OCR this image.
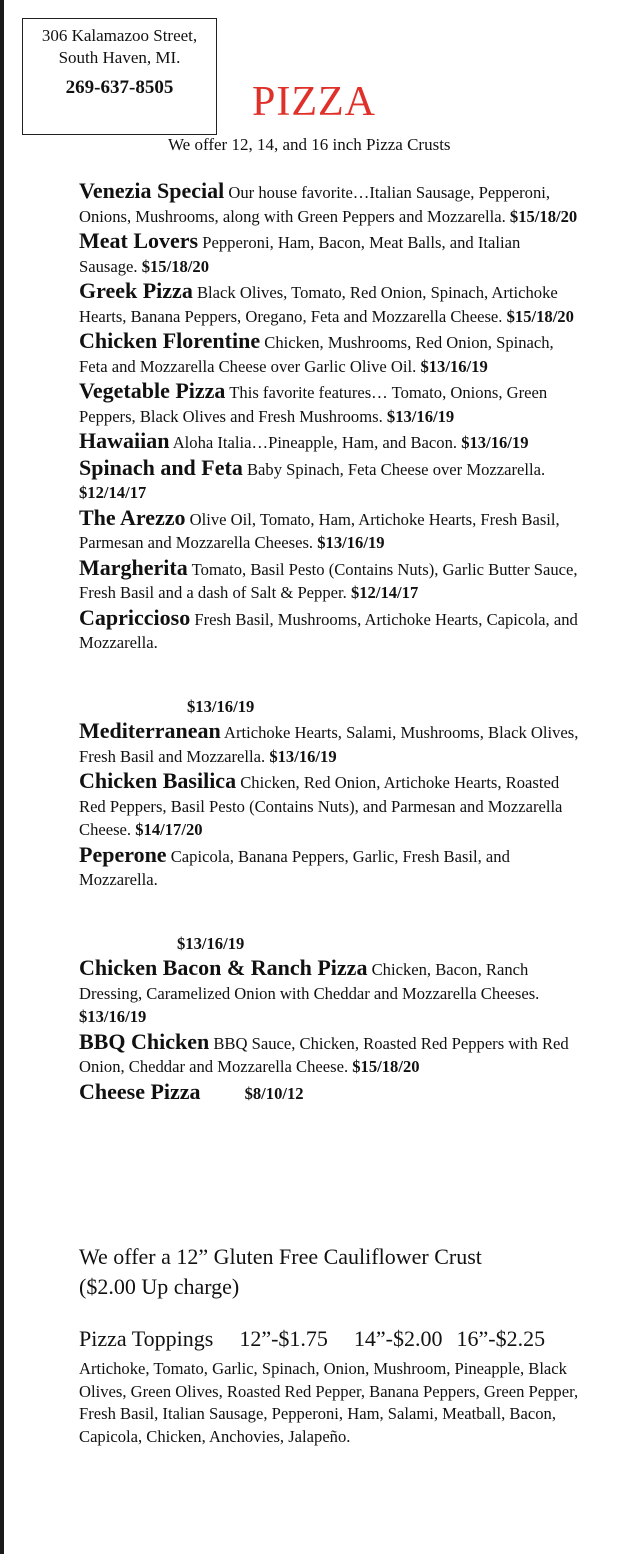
306 Kalamazoo Street,
South Haven, MI.
269-637-8505	PIZZA
We offer 12, 14, and 16 inch Pizza Crusts
Venezia Special Our house favorite…Italian Sausage, Pepperoni, Onions, Mushrooms, along with Green Peppers and Mozzarella. $15/18/20
Meat Lovers Pepperoni, Ham, Bacon, Meat Balls, and Italian Sausage. $15/18/20
Greek Pizza Black Olives, Tomato, Red Onion, Spinach, Artichoke Hearts, Banana Peppers, Oregano, Feta and Mozzarella Cheese. $15/18/20
Chicken Florentine Chicken, Mushrooms, Red Onion, Spinach, Feta and Mozzarella Cheese over Garlic Olive Oil. $13/16/19
Vegetable Pizza This favorite features… Tomato, Onions, Green Peppers, Black Olives and Fresh Mushrooms. $13/16/19
Hawaiian Aloha Italia…Pineapple, Ham, and Bacon. $13/16/19
Spinach and Feta Baby Spinach, Feta Cheese over Mozzarella. $12/14/17
The Arezzo Olive Oil, Tomato, Ham, Artichoke Hearts, Fresh Basil, Parmesan and Mozzarella Cheeses. $13/16/19
Margherita Tomato, Basil Pesto (Contains Nuts), Garlic Butter Sauce, Fresh Basil and a dash of Salt & Pepper. $12/14/17
Capriccioso Fresh Basil, Mushrooms, Artichoke Hearts, Capicola, and Mozzarella.
$13/16/19
Mediterranean Artichoke Hearts, Salami, Mushrooms, Black Olives, Fresh Basil and Mozzarella. $13/16/19
Chicken Basilica Chicken, Red Onion, Artichoke Hearts, Roasted Red Peppers, Basil Pesto (Contains Nuts), and Parmesan and Mozzarella Cheese. $14/17/20
Peperone Capicola, Banana Peppers, Garlic, Fresh Basil, and Mozzarella.
$13/16/19
Chicken Bacon & Ranch Pizza Chicken, Bacon, Ranch Dressing, Caramelized Onion with Cheddar and Mozzarella Cheeses. $13/16/19
BBQ Chicken BBQ Sauce, Chicken, Roasted Red Peppers with Red Onion, Cheddar and Mozzarella Cheese. $15/18/20
Cheese Pizza	$8/10/12
We offer a 12” Gluten Free Cauliflower Crust
($2.00 Up charge)
Pizza Toppings 12”-$1.75 14”-$2.00 16”-$2.25
Artichoke, Tomato, Garlic, Spinach, Onion, Mushroom, Pineapple, Black Olives, Green Olives, Roasted Red Pepper, Banana Peppers, Green Pepper, Fresh Basil, Italian Sausage, Pepperoni, Ham, Salami, Meatball, Bacon, Capicola, Chicken, Anchovies, Jalapeño.
